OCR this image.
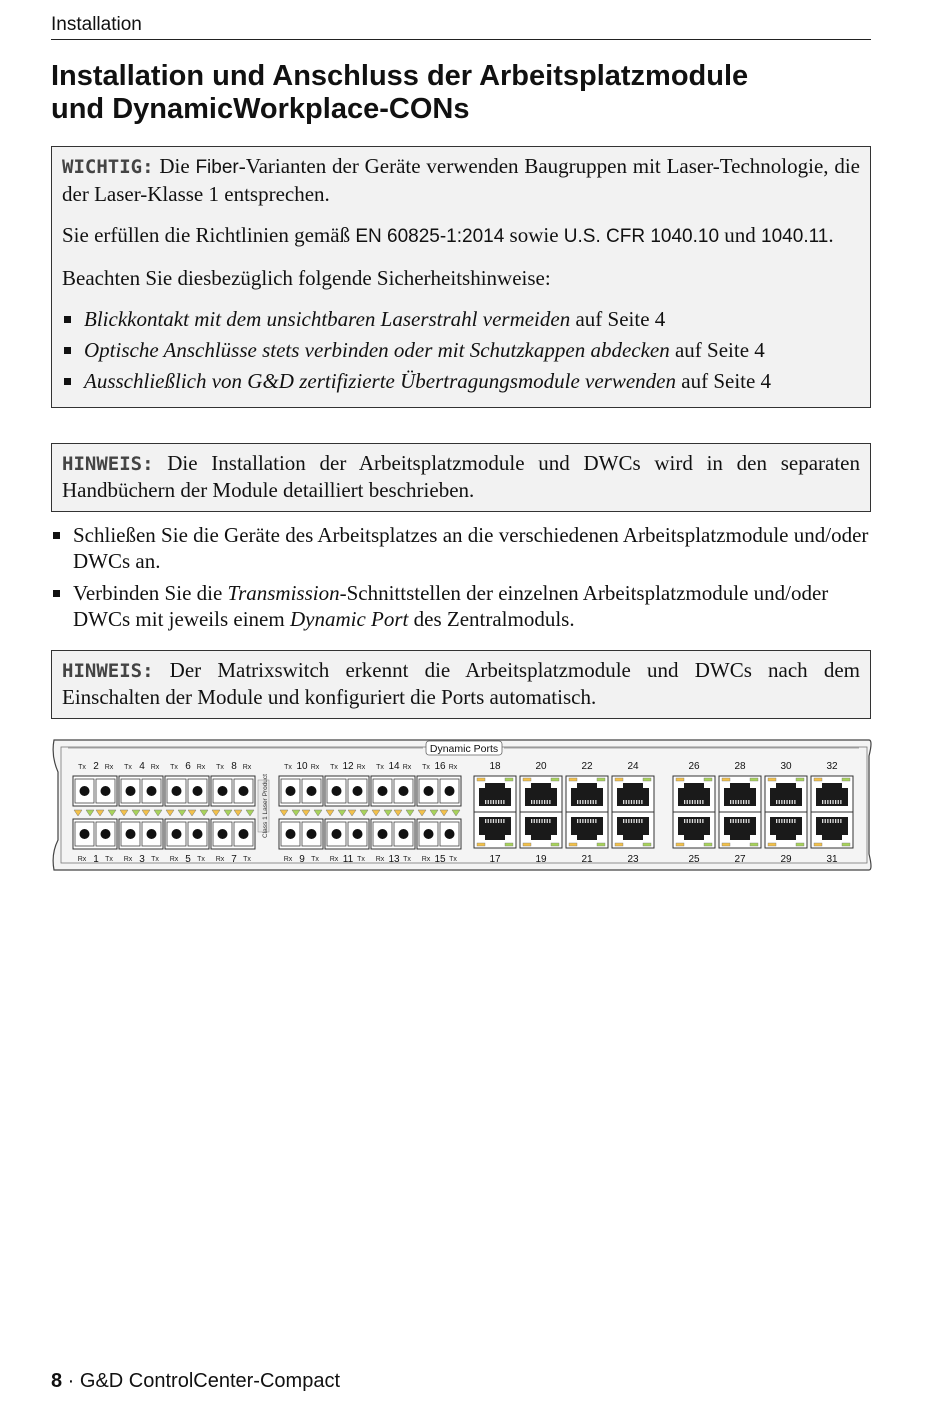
Installation
Installation und Anschluss der Arbeitsplatzmodule
und DynamicWorkplace-CONs

WICHTIG: Die Fiber-Varianten der Geräte verwenden Baugruppen mit Laser-Technologie, die der Laser-Klasse 1 entsprechen.

Sie erfüllen die Richtlinien gemäß EN 60825-1:2014 sowie U.S. CFR 1040.10 und 1040.11.

Beachten Sie diesbezüglich folgende Sicherheitshinweise:

Blickkontakt mit dem unsichtbaren Laserstrahl vermeiden auf Seite 4
Optische Anschlüsse stets verbinden oder mit Schutzkappen abdecken auf Seite 4
Ausschließlich von G&D zertifizierte Übertragungsmodule verwenden auf Seite 4

HINWEIS: Die Installation der Arbeitsplatzmodule und DWCs wird in den separaten Handbüchern der Module detailliert beschrieben.

Schließen Sie die Geräte des Arbeitsplatzes an die verschiedenen Arbeitsplatzmodule und/oder DWCs an.
Verbinden Sie die Transmission-Schnittstellen der einzelnen Arbeitsplatzmodule und/oder DWCs mit jeweils einem Dynamic Port des Zentralmoduls.

HINWEIS: Der Matrixswitch erkennt die Arbeitsplatzmodule und DWCs nach dem Einschalten der Module und konfiguriert die Ports automatisch.

Dynamic Ports
Class 1 Laser Product
Tx 2 Rx
Rx 1 Tx
Tx 4 Rx
Rx 3 Tx
Tx 6 Rx
Rx 5 Tx
Tx 8 Rx
Rx 7 Tx
Tx 10 Rx
Rx 9 Tx
Tx 12 Rx
Rx 11 Tx
Tx 14 Rx
Rx 13 Tx
Tx 16 Rx
Rx 15 Tx
18
17
20
19
22
21
24
23
26
25
28
27
30
29
32
31
8 · G&D ControlCenter-Compact
